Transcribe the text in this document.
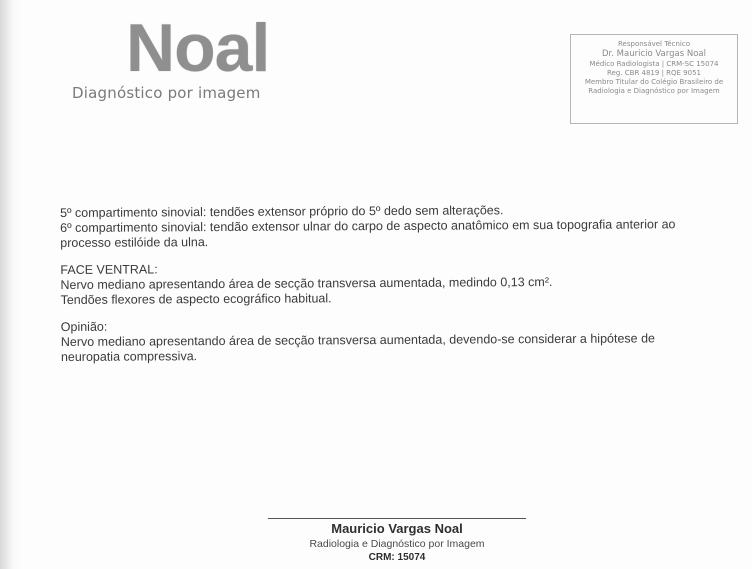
Noal
Diagnóstico por imagem
Responsável Técnico
Dr. Mauricio Vargas Noal
Médico Radiologista | CRM-SC 15074
Reg. CBR 4819 | RQE 9051
Membro Titular do Colégio Brasileiro de
Radiologia e Diagnóstico por Imagem

5º compartimento sinovial: tendões extensor próprio do 5º dedo sem alterações.

6º compartimento sinovial: tendão extensor ulnar do carpo de aspecto anatômico em sua topografia anterior ao

processo estilóide da ulna.

FACE VENTRAL:

Nervo mediano apresentando área de secção transversa aumentada, medindo 0,13 cm².

Tendões flexores de aspecto ecográfico habitual.

Opinião:

Nervo mediano apresentando área de secção transversa aumentada, devendo-se considerar a hipótese de

neuropatia compressiva.

Mauricio Vargas Noal
Radiologia e Diagnóstico por Imagem
CRM: 15074
